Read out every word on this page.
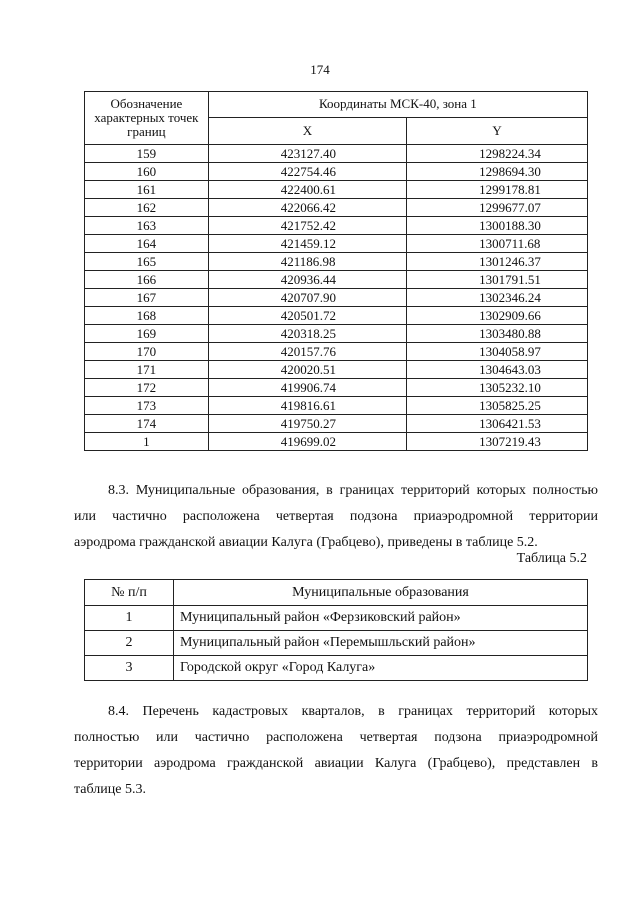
174
Обозначение характерных точек границ	Координаты МСК-40, зона 1	
	X	Y
159	423127.40	1298224.34
160	422754.46	1298694.30
161	422400.61	1299178.81
162	422066.42	1299677.07
163	421752.42	1300188.30
164	421459.12	1300711.68
165	421186.98	1301246.37
166	420936.44	1301791.51
167	420707.90	1302346.24
168	420501.72	1302909.66
169	420318.25	1303480.88
170	420157.76	1304058.97
171	420020.51	1304643.03
172	419906.74	1305232.10
173	419816.61	1305825.25
174	419750.27	1306421.53
1	419699.02	1307219.43
8.3. Муниципальные образования, в границах территорий которых полностью
или частично расположена четвертая подзона приаэродромной территории
аэродрома гражданской авиации Калуга (Грабцево), приведены в таблице 5.2.
Таблица 5.2
№ п/п	Муниципальные образования
1	Муниципальный район «Ферзиковский район»
2	Муниципальный район «Перемышльский район»
3	Городской округ «Город Калуга»
8.4. Перечень кадастровых кварталов, в границах территорий которых
полностью или частично расположена четвертая подзона приаэродромной
территории аэродрома гражданской авиации Калуга (Грабцево), представлен в
таблице 5.3.
